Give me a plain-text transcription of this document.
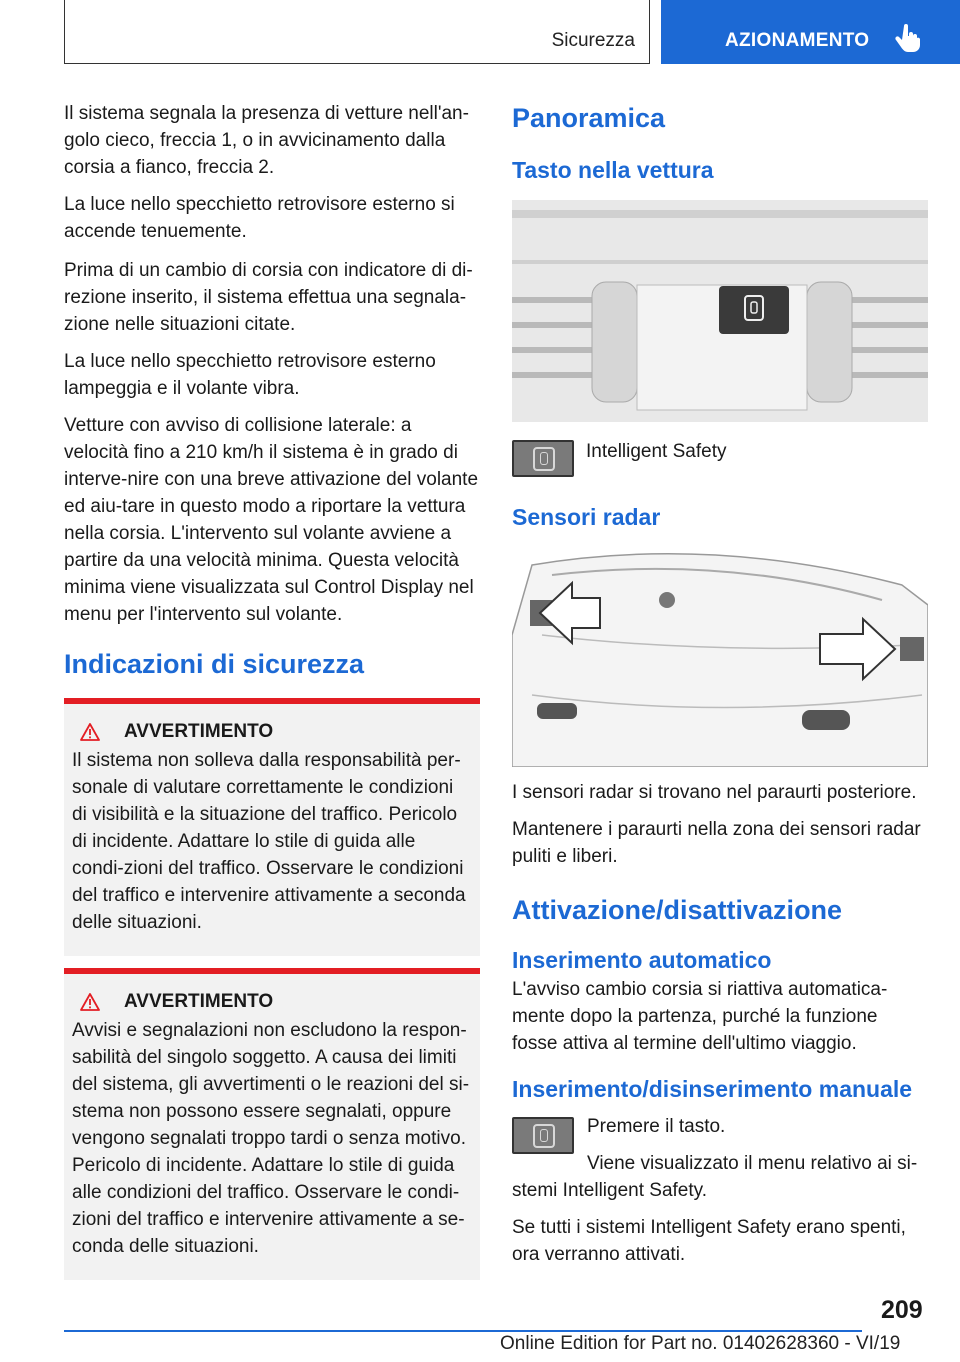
Sicurezza	AZIONAMENTO

Il sistema segnala la presenza di vetture nell'an‐golo cieco, freccia 1, o in avvicinamento dalla corsia a fianco, freccia 2.

La luce nello specchietto retrovisore esterno si accende tenuemente.

Prima di un cambio di corsia con indicatore di di‐rezione inserito, il sistema effettua una segnala‐zione nelle situazioni citate.

La luce nello specchietto retrovisore esterno lampeggia e il volante vibra.

Vetture con avviso di collisione laterale: a velocità fino a 210 km/h il sistema è in grado di interve‐nire con una breve attivazione del volante ed aiu‐tare in questo modo a riportare la vettura nella corsia. L'intervento sul volante avviene a partire da una velocità minima. Questa velocità minima viene visualizzata sul Control Display nel menu per l'intervento sul volante.

Indicazioni di sicurezza
AVVERTIMENTO

Il sistema non solleva dalla responsabilità per‐sonale di valutare correttamente le condizioni di visibilità e la situazione del traffico. Pericolo di incidente. Adattare lo stile di guida alle condi‐zioni del traffico. Osservare le condizioni del traffico e intervenire attivamente a seconda delle situazioni.

AVVERTIMENTO

Avvisi e segnalazioni non escludono la respon‐sabilità del singolo soggetto. A causa dei limiti del sistema, gli avvertimenti o le reazioni del si‐stema non possono essere segnalati, oppure vengono segnalati troppo tardi o senza motivo. Pericolo di incidente. Adattare lo stile di guida alle condizioni del traffico. Osservare le condi‐zioni del traffico e intervenire attivamente a se‐conda delle situazioni.

Panoramica
Tasto nella vettura
Intelligent Safety
Sensori radar

I sensori radar si trovano nel paraurti posteriore.

Mantenere i paraurti nella zona dei sensori radar puliti e liberi.

Attivazione/disattivazione
Inserimento automatico

L'avviso cambio corsia si riattiva automatica‐mente dopo la partenza, purché la funzione fosse attiva al termine dell'ultimo viaggio.

Inserimento/disinserimento manuale

Premere il tasto.

Viene visualizzato il menu relativo ai si‐stemi Intelligent Safety.

Se tutti i sistemi Intelligent Safety erano spenti, ora verranno attivati.

209
Online Edition for Part no. 01402628360 - VI/19
